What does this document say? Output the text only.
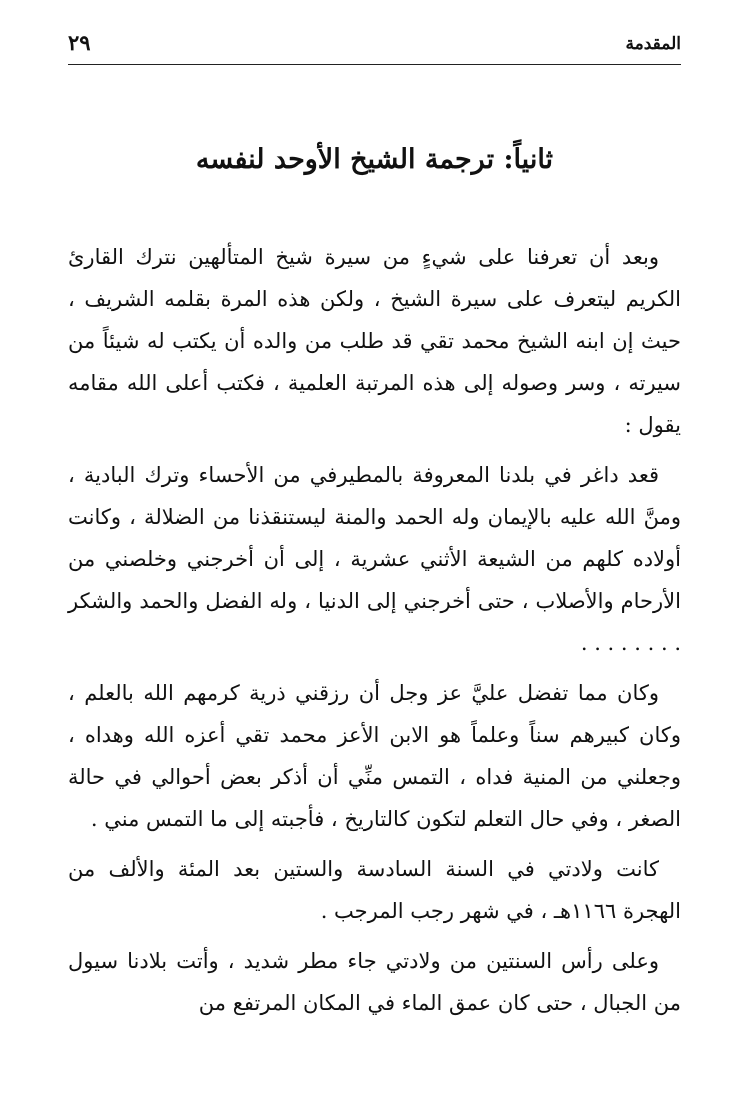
المقدمة
٢٩
ثانياً: ترجمة الشيخ الأوحد لنفسه

وبعد أن تعرفنا على شيءٍ من سيرة شيخ المتألهين نترك القارئ الكريم ليتعرف على سيرة الشيخ ، ولكن هذه المرة بقلمه الشريف ، حيث إن ابنه الشيخ محمد تقي قد طلب من والده أن يكتب له شيئاً من سيرته ، وسر وصوله إلى هذه المرتبة العلمية ، فكتب أعلى الله مقامه يقول :

قعد داغر في بلدنا المعروفة بالمطيرفي من الأحساء وترك البادية ، ومنَّ الله عليه بالإيمان وله الحمد والمنة ليستنقذنا من الضلالة ، وكانت أولاده كلهم من الشيعة الأثني عشرية ، إلى أن أخرجني وخلصني من الأرحام والأصلاب ، حتى أخرجني إلى الدنيا ، وله الفضل والحمد والشكر . . . . . . . .

وكان مما تفضل عليَّ عز وجل أن رزقني ذرية كرمهم الله بالعلم ، وكان كبيرهم سناً وعلماً هو الابن الأعز محمد تقي أعزه الله وهداه ، وجعلني من المنية فداه ، التمس منِّي أن أذكر بعض أحوالي في حالة الصغر ، وفي حال التعلم لتكون كالتاريخ ، فأجبته إلى ما التمس مني .

كانت ولادتي في السنة السادسة والستين بعد المئة والألف من الهجرة ١١٦٦هـ ، في شهر رجب المرجب .

وعلى رأس السنتين من ولادتي جاء مطر شديد ، وأتت بلادنا سيول من الجبال ، حتى كان عمق الماء في المكان المرتفع من
